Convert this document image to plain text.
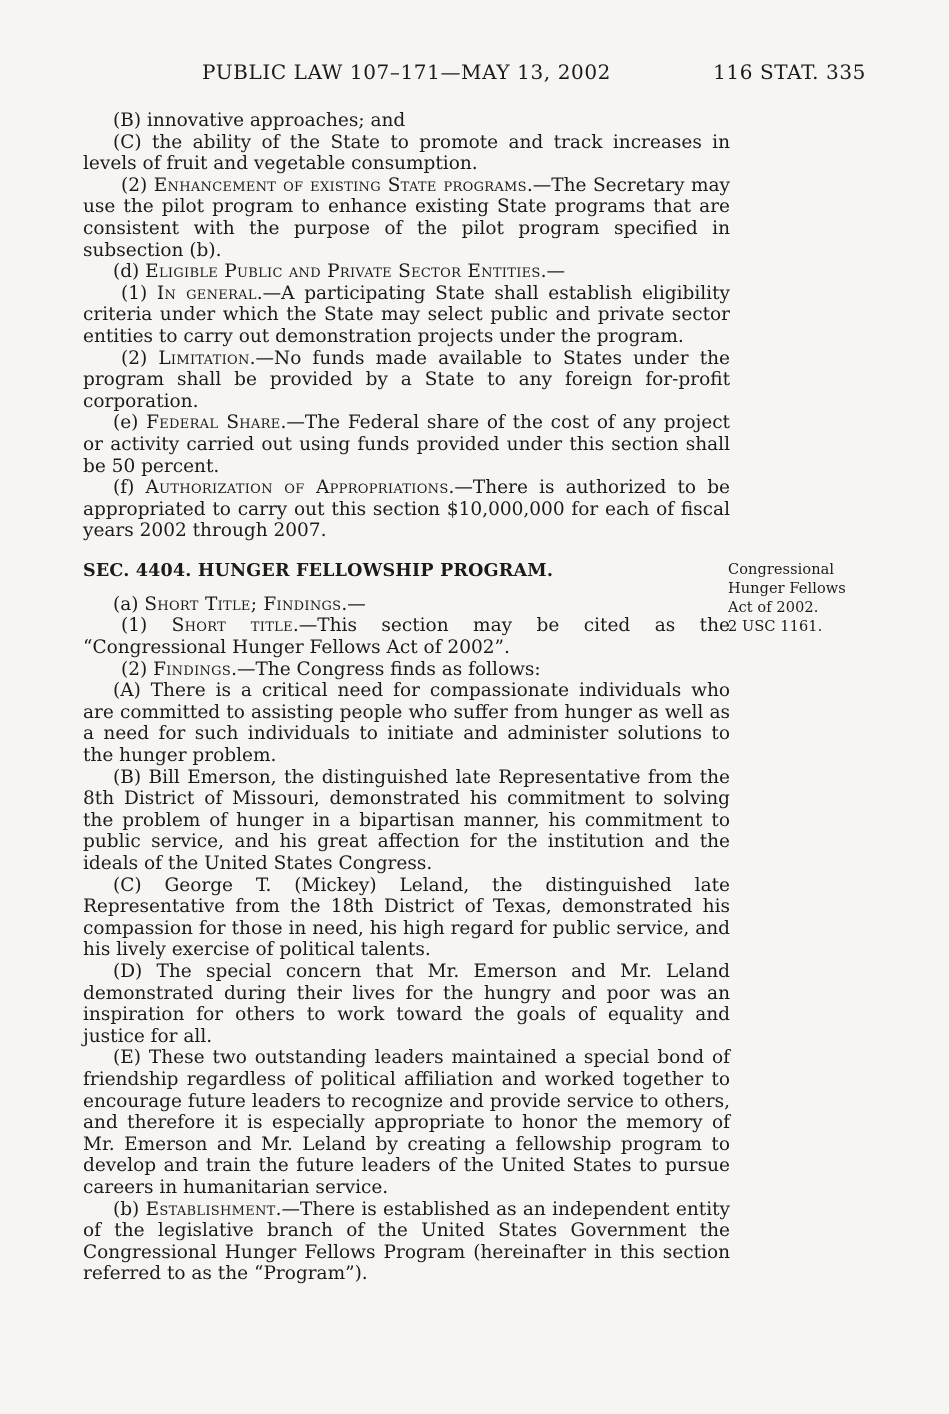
PUBLIC LAW 107–171—MAY 13, 2002	116 STAT. 335

(B) innovative approaches; and

(C) the ability of the State to promote and track increases in levels of fruit and vegetable consumption.

(2) Enhancement of existing State programs.—The Secretary may use the pilot program to enhance existing State programs that are consistent with the purpose of the pilot program specified in subsection (b).

(d) Eligible Public and Private Sector Entities.—

(1) In general.—A participating State shall establish eligibility criteria under which the State may select public and private sector entities to carry out demonstration projects under the program.

(2) Limitation.—No funds made available to States under the program shall be provided by a State to any foreign for-profit corporation.

(e) Federal Share.—The Federal share of the cost of any project or activity carried out using funds provided under this section shall be 50 percent.

(f) Authorization of Appropriations.—There is authorized to be appropriated to carry out this section $10,000,000 for each of fiscal years 2002 through 2007.

SEC. 4404. HUNGER FELLOWSHIP PROGRAM.	Congressional Hunger Fellows Act of 2002.
2 USC 1161.

(a) Short Title; Findings.—

(1) Short title.—This section may be cited as the “Congressional Hunger Fellows Act of 2002”.

(2) Findings.—The Congress finds as follows:

(A) There is a critical need for compassionate individuals who are committed to assisting people who suffer from hunger as well as a need for such individuals to initiate and administer solutions to the hunger problem.

(B) Bill Emerson, the distinguished late Representative from the 8th District of Missouri, demonstrated his commitment to solving the problem of hunger in a bipartisan manner, his commitment to public service, and his great affection for the institution and the ideals of the United States Congress.

(C) George T. (Mickey) Leland, the distinguished late Representative from the 18th District of Texas, demonstrated his compassion for those in need, his high regard for public service, and his lively exercise of political talents.

(D) The special concern that Mr. Emerson and Mr. Leland demonstrated during their lives for the hungry and poor was an inspiration for others to work toward the goals of equality and justice for all.

(E) These two outstanding leaders maintained a special bond of friendship regardless of political affiliation and worked together to encourage future leaders to recognize and provide service to others, and therefore it is especially appropriate to honor the memory of Mr. Emerson and Mr. Leland by creating a fellowship program to develop and train the future leaders of the United States to pursue careers in humanitarian service.

(b) Establishment.—There is established as an independent entity of the legislative branch of the United States Government the Congressional Hunger Fellows Program (hereinafter in this section referred to as the “Program”).
